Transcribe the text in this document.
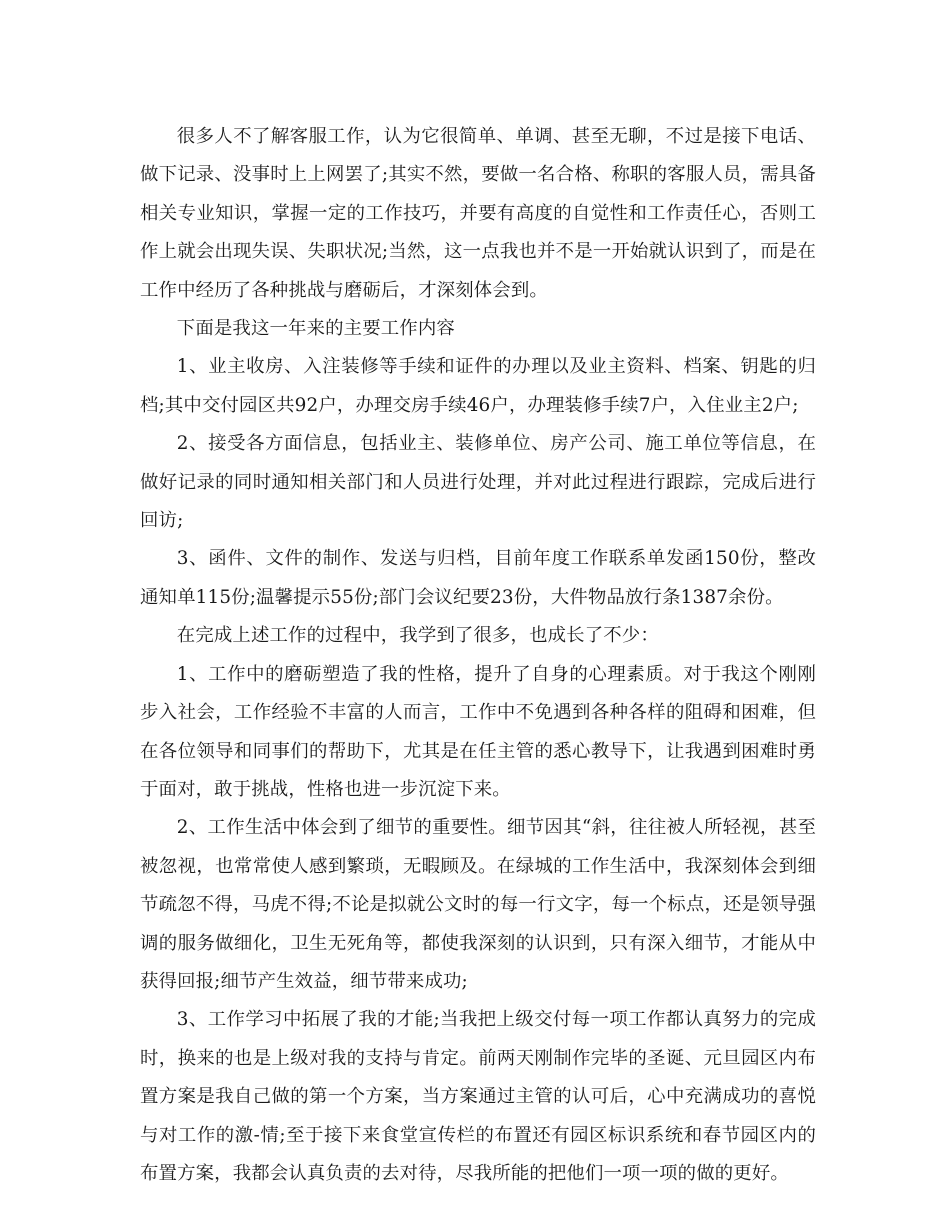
很多人不了解客服工作，认为它很简单、单调、甚至无聊，不过是接下电话、做下记录、没事时上上网罢了;其实不然，要做一名合格、称职的客服人员，需具备相关专业知识，掌握一定的工作技巧，并要有高度的自觉性和工作责任心，否则工作上就会出现失误、失职状况;当然，这一点我也并不是一开始就认识到了，而是在工作中经历了各种挑战与磨砺后，才深刻体会到。

下面是我这一年来的主要工作内容

1、业主收房、入注装修等手续和证件的办理以及业主资料、档案、钥匙的归档;其中交付园区共92户，办理交房手续46户，办理装修手续7户，入住业主2户;

2、接受各方面信息，包括业主、装修单位、房产公司、施工单位等信息，在做好记录的同时通知相关部门和人员进行处理，并对此过程进行跟踪，完成后进行回访;

3、函件、文件的制作、发送与归档，目前年度工作联系单发函150份，整改通知单115份;温馨提示55份;部门会议纪要23份，大件物品放行条1387余份。

在完成上述工作的过程中，我学到了很多，也成长了不少：

1、工作中的磨砺塑造了我的性格，提升了自身的心理素质。对于我这个刚刚步入社会，工作经验不丰富的人而言，工作中不免遇到各种各样的阻碍和困难，但在各位领导和同事们的帮助下，尤其是在任主管的悉心教导下，让我遇到困难时勇于面对，敢于挑战，性格也进一步沉淀下来。

2、工作生活中体会到了细节的重要性。细节因其“斜，往往被人所轻视，甚至被忽视，也常常使人感到繁琐，无暇顾及。在绿城的工作生活中，我深刻体会到细节疏忽不得，马虎不得;不论是拟就公文时的每一行文字，每一个标点，还是领导强调的服务做细化，卫生无死角等，都使我深刻的认识到，只有深入细节，才能从中获得回报;细节产生效益，细节带来成功;

3、工作学习中拓展了我的才能;当我把上级交付每一项工作都认真努力的完成时，换来的也是上级对我的支持与肯定。前两天刚制作完毕的圣诞、元旦园区内布置方案是我自己做的第一个方案，当方案通过主管的认可后，心中充满成功的喜悦与对工作的激-情;至于接下来食堂宣传栏的布置还有园区标识系统和春节园区内的布置方案，我都会认真负责的去对待，尽我所能的把他们一项一项的做的更好。
